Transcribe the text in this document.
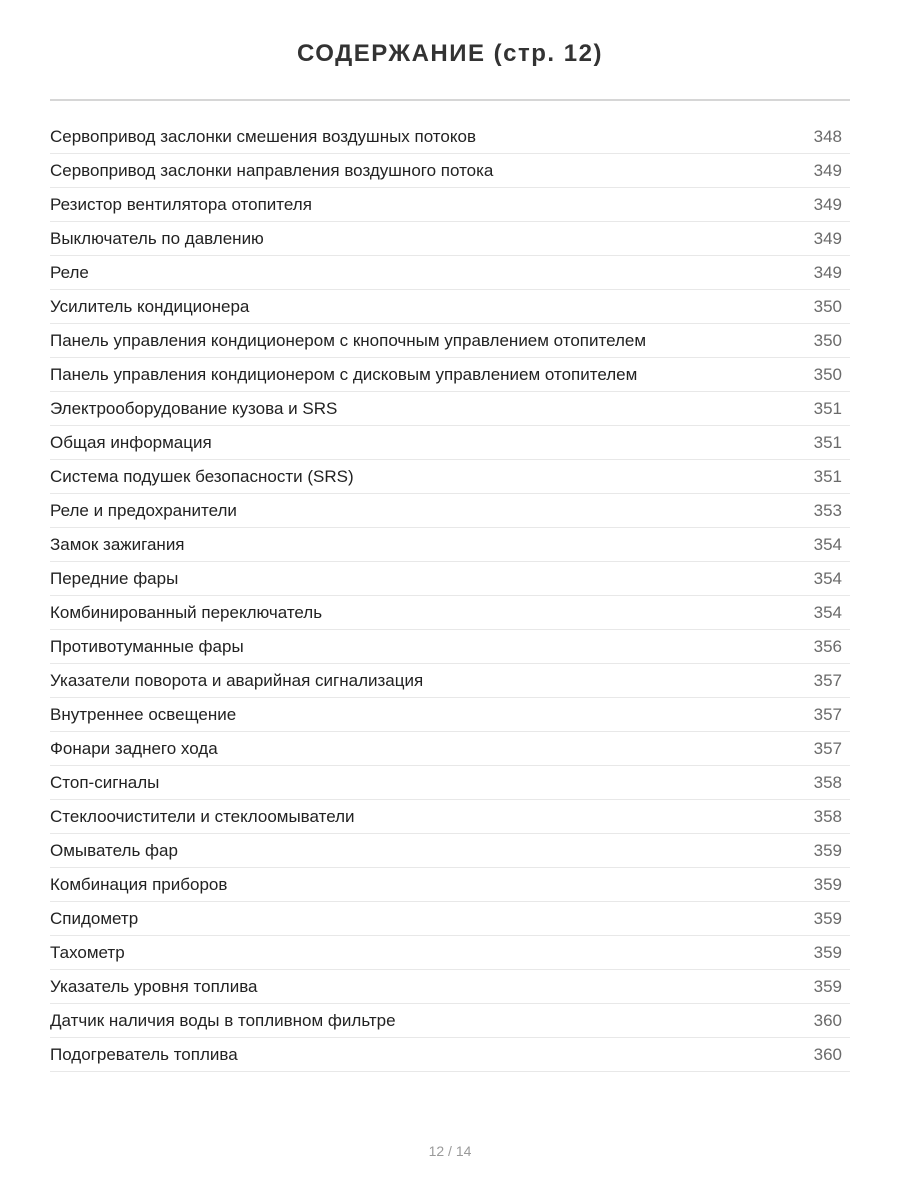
СОДЕРЖАНИЕ (стр. 12)
Сервопривод заслонки смешения воздушных потоков	348
Сервопривод заслонки направления воздушного потока	349
Резистор вентилятора отопителя	349
Выключатель по давлению	349
Реле	349
Усилитель кондиционера	350
Панель управления кондиционером с кнопочным управлением отопителем	350
Панель управления кондиционером с дисковым управлением отопителем	350
Электрооборудование кузова и SRS	351
Общая информация	351
Система подушек безопасности (SRS)	351
Реле и предохранители	353
Замок зажигания	354
Передние фары	354
Комбинированный переключатель	354
Противотуманные фары	356
Указатели поворота и аварийная сигнализация	357
Внутреннее освещение	357
Фонари заднего хода	357
Стоп-сигналы	358
Стеклоочистители и стеклоомыватели	358
Омыватель фар	359
Комбинация приборов	359
Спидометр	359
Тахометр	359
Указатель уровня топлива	359
Датчик наличия воды в топливном фильтре	360
Подогреватель топлива	360
12 / 14
